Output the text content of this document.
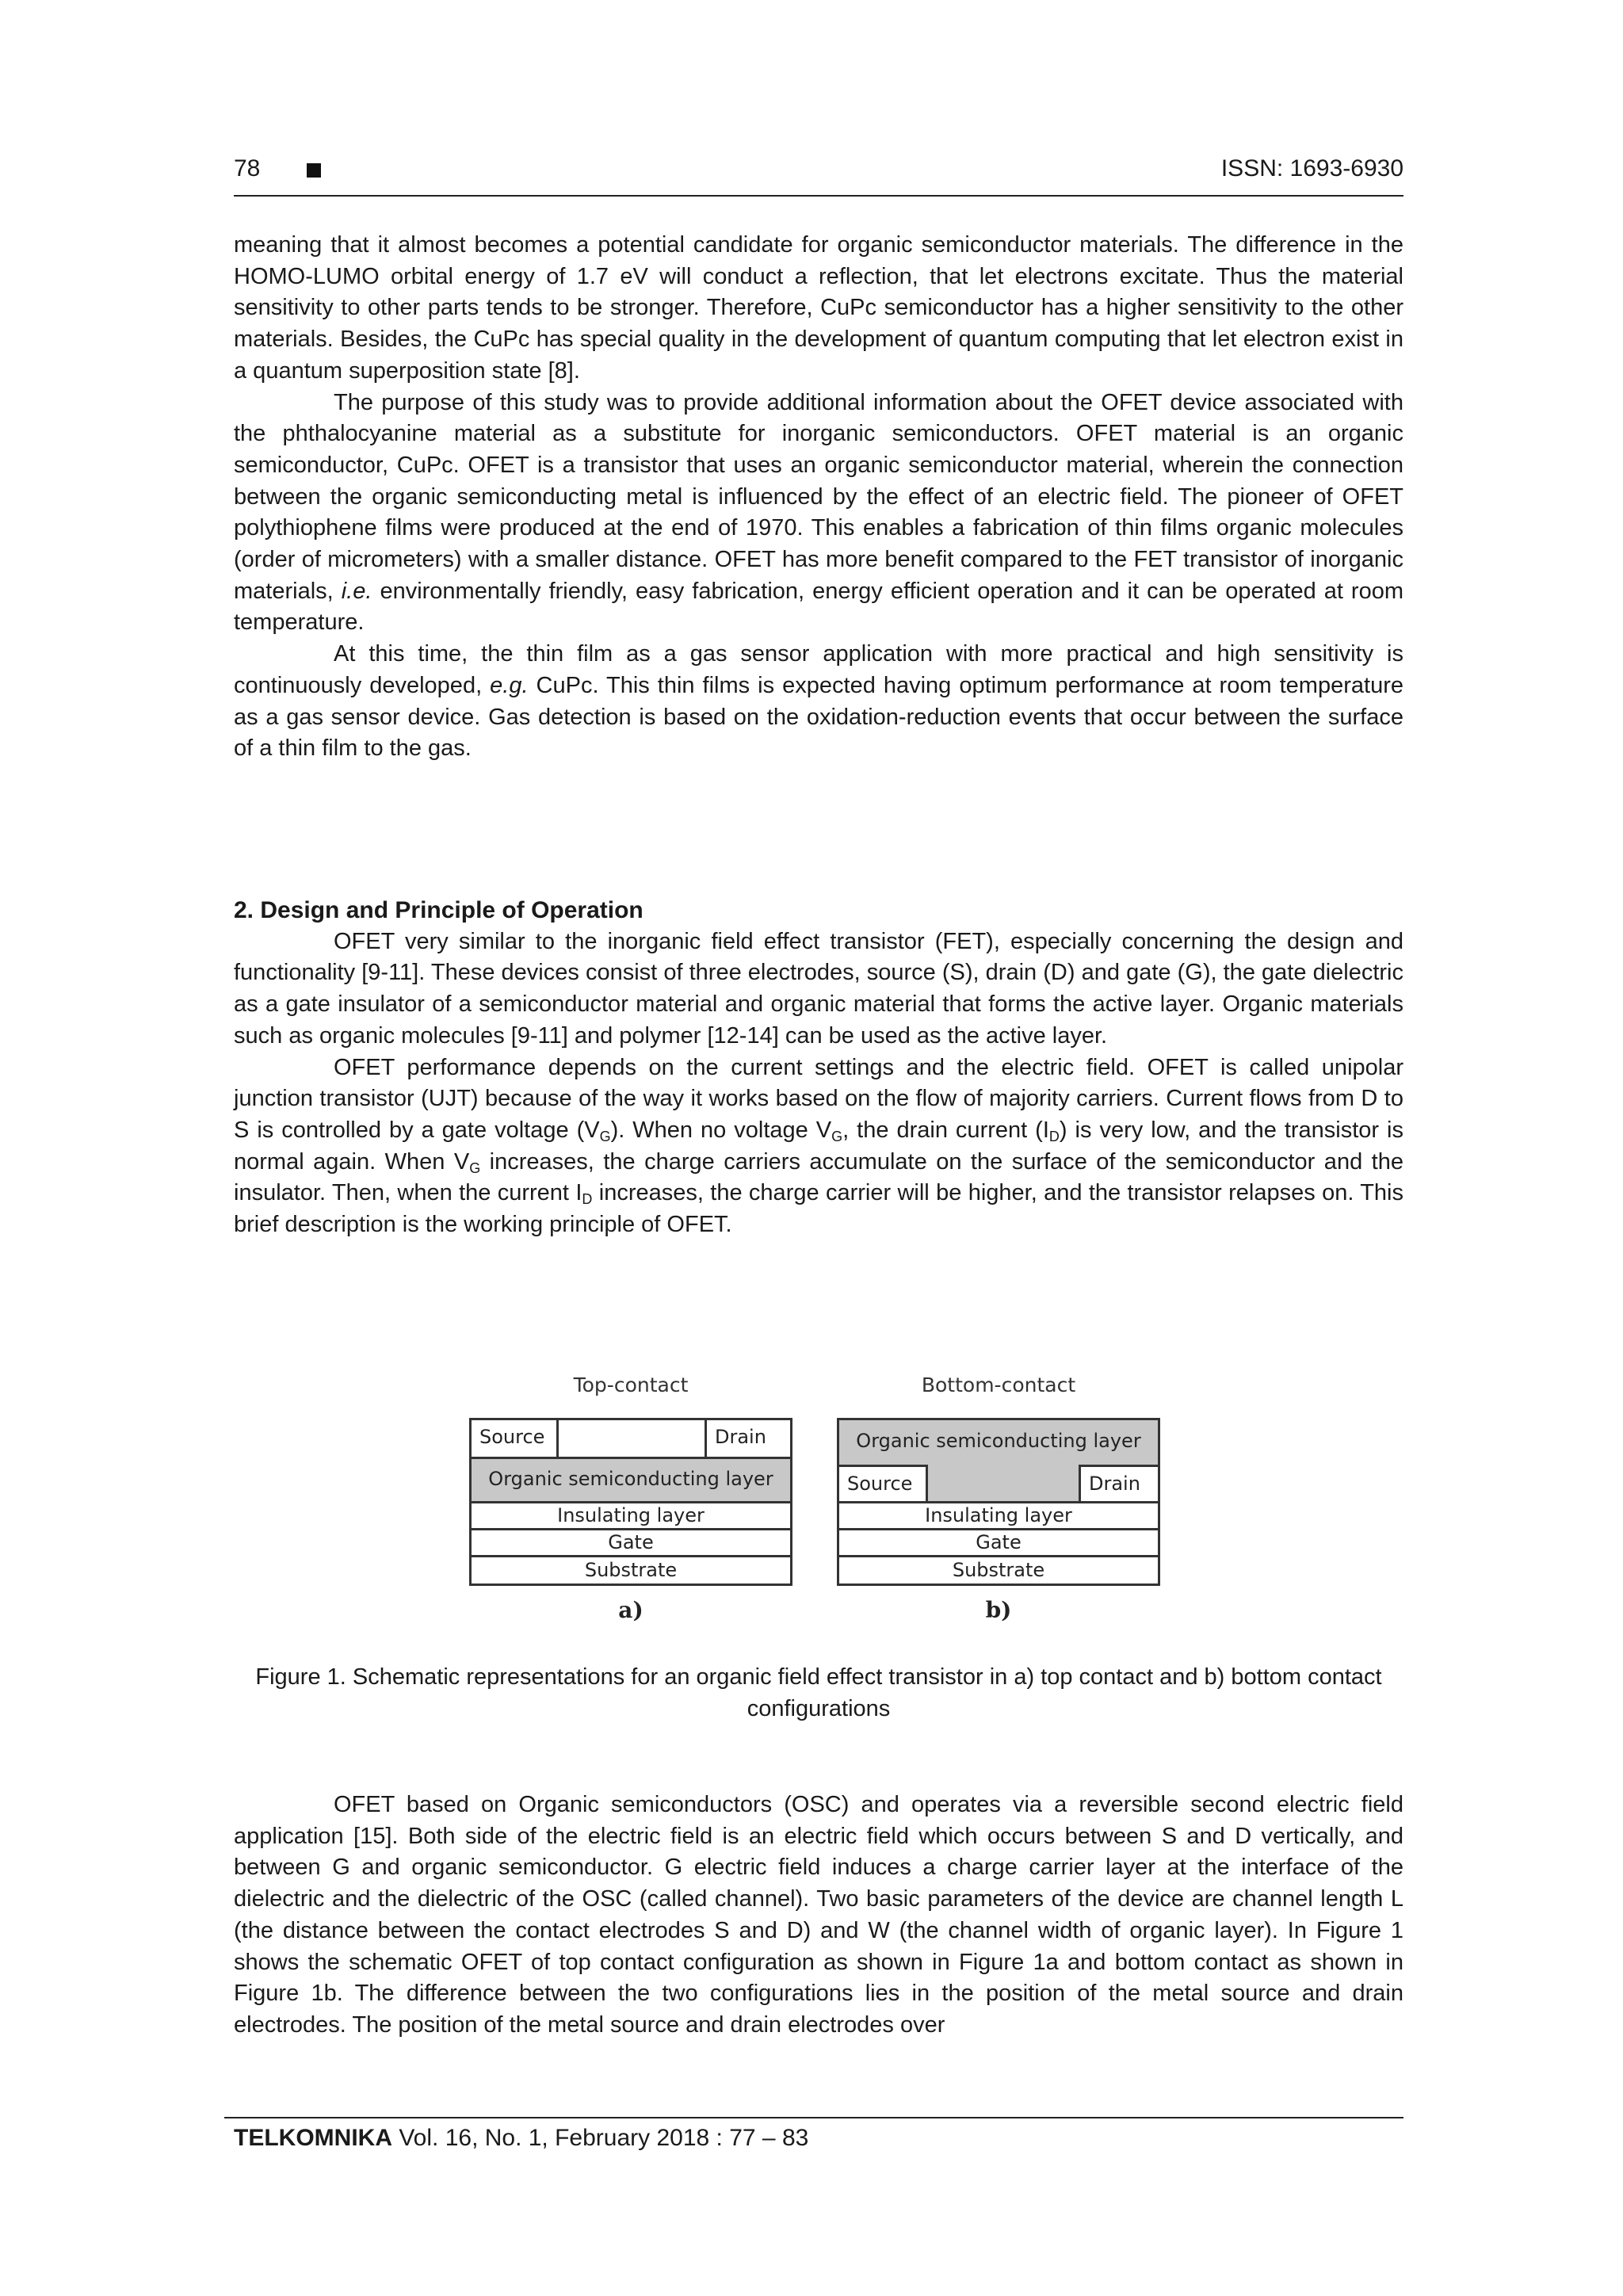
78	ISSN: 1693-6930

meaning that it almost becomes a potential candidate for organic semiconductor materials. The difference in the HOMO-LUMO orbital energy of 1.7 eV will conduct a reflection, that let electrons excitate. Thus the material sensitivity to other parts tends to be stronger. Therefore, CuPc semiconductor has a higher sensitivity to the other materials. Besides, the CuPc has special quality in the development of quantum computing that let electron exist in a quantum superposition state [8].

The purpose of this study was to provide additional information about the OFET device associated with the phthalocyanine material as a substitute for inorganic semiconductors. OFET material is an organic semiconductor, CuPc. OFET is a transistor that uses an organic semiconductor material, wherein the connection between the organic semiconducting metal is influenced by the effect of an electric field. The pioneer of OFET polythiophene films were produced at the end of 1970. This enables a fabrication of thin films organic molecules (order of micrometers) with a smaller distance. OFET has more benefit compared to the FET transistor of inorganic materials, i.e. environmentally friendly, easy fabrication, energy efficient operation and it can be operated at room temperature.

At this time, the thin film as a gas sensor application with more practical and high sensitivity is continuously developed, e.g. CuPc. This thin films is expected having optimum performance at room temperature as a gas sensor device. Gas detection is based on the oxidation-reduction events that occur between the surface of a thin film to the gas.

2. Design and Principle of Operation

OFET very similar to the inorganic field effect transistor (FET), especially concerning the design and functionality [9-11]. These devices consist of three electrodes, source (S), drain (D) and gate (G), the gate dielectric as a gate insulator of a semiconductor material and organic material that forms the active layer. Organic materials such as organic molecules [9-11] and polymer [12-14] can be used as the active layer.

OFET performance depends on the current settings and the electric field. OFET is called unipolar junction transistor (UJT) because of the way it works based on the flow of majority carriers. Current flows from D to S is controlled by a gate voltage $(V_G)$. When no voltage $V_G$, the drain current $(I_D)$ is very low, and the transistor is normal again. When $V_G$ increases, the charge carriers accumulate on the surface of the semiconductor and the insulator. Then, when the current $I_D$ increases, the charge carrier will be higher, and the transistor relapses on. This brief description is the working principle of OFET.

Top-contact
Source	Drain
Organic semiconducting layer
Insulating layer
Gate
Substrate
a)
Bottom-contact
Organic semiconducting layer
Source	Drain
Insulating layer
Gate
Substrate
b)
Figure 1. Schematic representations for an organic field effect transistor in a) top contact and b) bottom contact configurations

OFET based on Organic semiconductors (OSC) and operates via a reversible second electric field application [15]. Both side of the electric field is an electric field which occurs between S and D vertically, and between G and organic semiconductor. G electric field induces a charge carrier layer at the interface of the dielectric and the dielectric of the OSC (called channel). Two basic parameters of the device are channel length L (the distance between the contact electrodes S and D) and W (the channel width of organic layer). In Figure 1 shows the schematic OFET of top contact configuration as shown in Figure 1a and bottom contact as shown in Figure 1b. The difference between the two configurations lies in the position of the metal source and drain electrodes. The position of the metal source and drain electrodes over

TELKOMNIKA Vol. 16, No. 1, February 2018 : 77 – 83
